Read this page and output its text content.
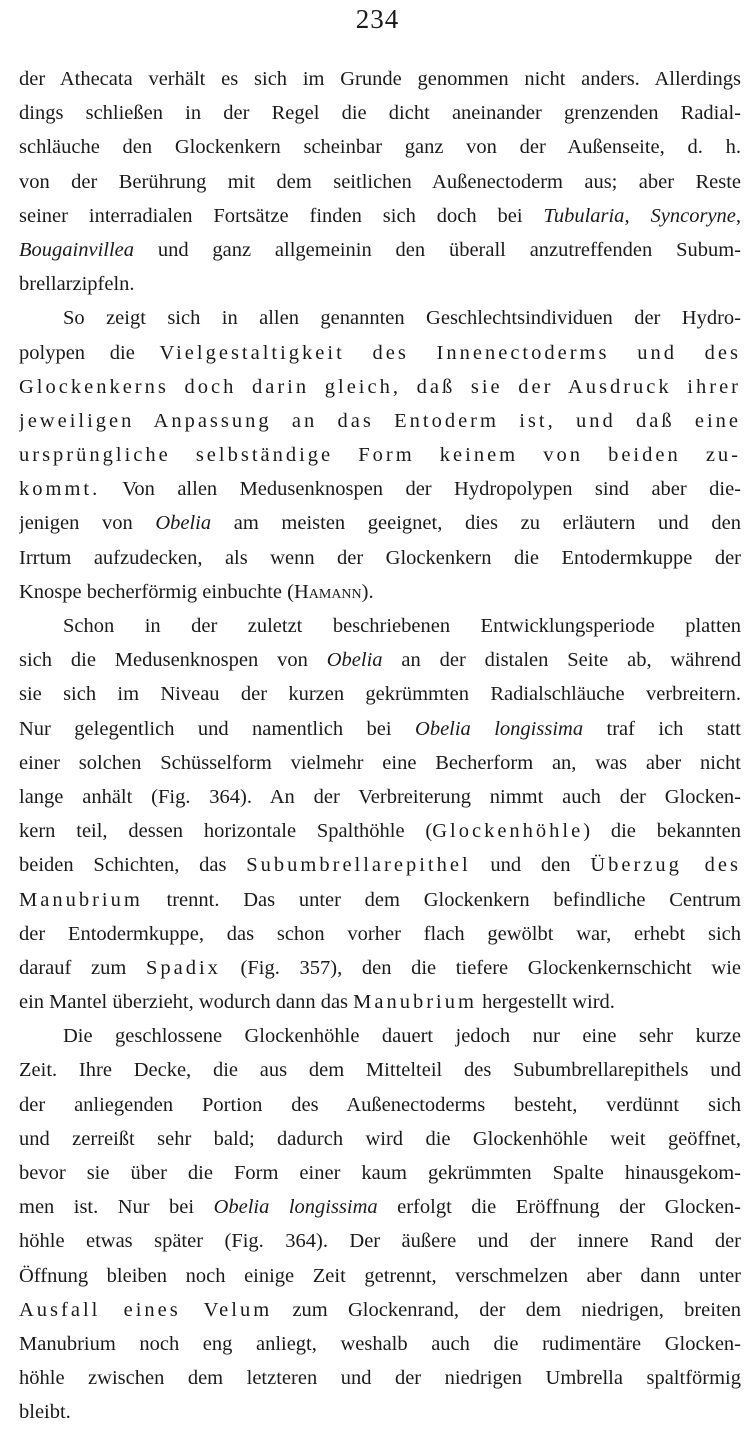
234
der Athecata verhält es sich im Grunde genommen nicht anders. Allerdings
dings schließen in der Regel die dicht aneinander grenzenden Radial-
schläuche den Glockenkern scheinbar ganz von der Außenseite, d. h.
von der Berührung mit dem seitlichen Außenectoderm aus; aber Reste
seiner interradialen Fortsätze finden sich doch bei Tubularia, Syncoryne,
Bougainvillea und ganz allgemeinin den überall anzutreffenden Subum-
brellarzipfeln.
So zeigt sich in allen genannten Geschlechtsindividuen der Hydro-
polypen die Vielgestaltigkeit des Innenectoderms und des
Glockenkerns doch darin gleich, daß sie der Ausdruck ihrer
jeweiligen Anpassung an das Entoderm ist, und daß eine
ursprüngliche selbständige Form keinem von beiden zu-
kommt. Von allen Medusenknospen der Hydropolypen sind aber die-
jenigen von Obelia am meisten geeignet, dies zu erläutern und den
Irrtum aufzudecken, als wenn der Glockenkern die Entodermkuppe der
Knospe becherförmig einbuchte (Hamann).
Schon in der zuletzt beschriebenen Entwicklungsperiode platten
sich die Medusenknospen von Obelia an der distalen Seite ab, während
sie sich im Niveau der kurzen gekrümmten Radialschläuche verbreitern.
Nur gelegentlich und namentlich bei Obelia longissima traf ich statt
einer solchen Schüsselform vielmehr eine Becherform an, was aber nicht
lange anhält (Fig. 364). An der Verbreiterung nimmt auch der Glocken-
kern teil, dessen horizontale Spalthöhle (Glockenhöhle) die bekannten
beiden Schichten, das Subumbrellarepithel und den Überzug des
Manubrium trennt. Das unter dem Glockenkern befindliche Centrum
der Entodermkuppe, das schon vorher flach gewölbt war, erhebt sich
darauf zum Spadix (Fig. 357), den die tiefere Glockenkernschicht wie
ein Mantel überzieht, wodurch dann das Manubrium hergestellt wird.
Die geschlossene Glockenhöhle dauert jedoch nur eine sehr kurze
Zeit. Ihre Decke, die aus dem Mittelteil des Subumbrellarepithels und
der anliegenden Portion des Außenectoderms besteht, verdünnt sich
und zerreißt sehr bald; dadurch wird die Glockenhöhle weit geöffnet,
bevor sie über die Form einer kaum gekrümmten Spalte hinausgekom-
men ist. Nur bei Obelia longissima erfolgt die Eröffnung der Glocken-
höhle etwas später (Fig. 364). Der äußere und der innere Rand der
Öffnung bleiben noch einige Zeit getrennt, verschmelzen aber dann unter
Ausfall eines Velum zum Glockenrand, der dem niedrigen, breiten
Manubrium noch eng anliegt, weshalb auch die rudimentäre Glocken-
höhle zwischen dem letzteren und der niedrigen Umbrella spaltförmig
bleibt.
